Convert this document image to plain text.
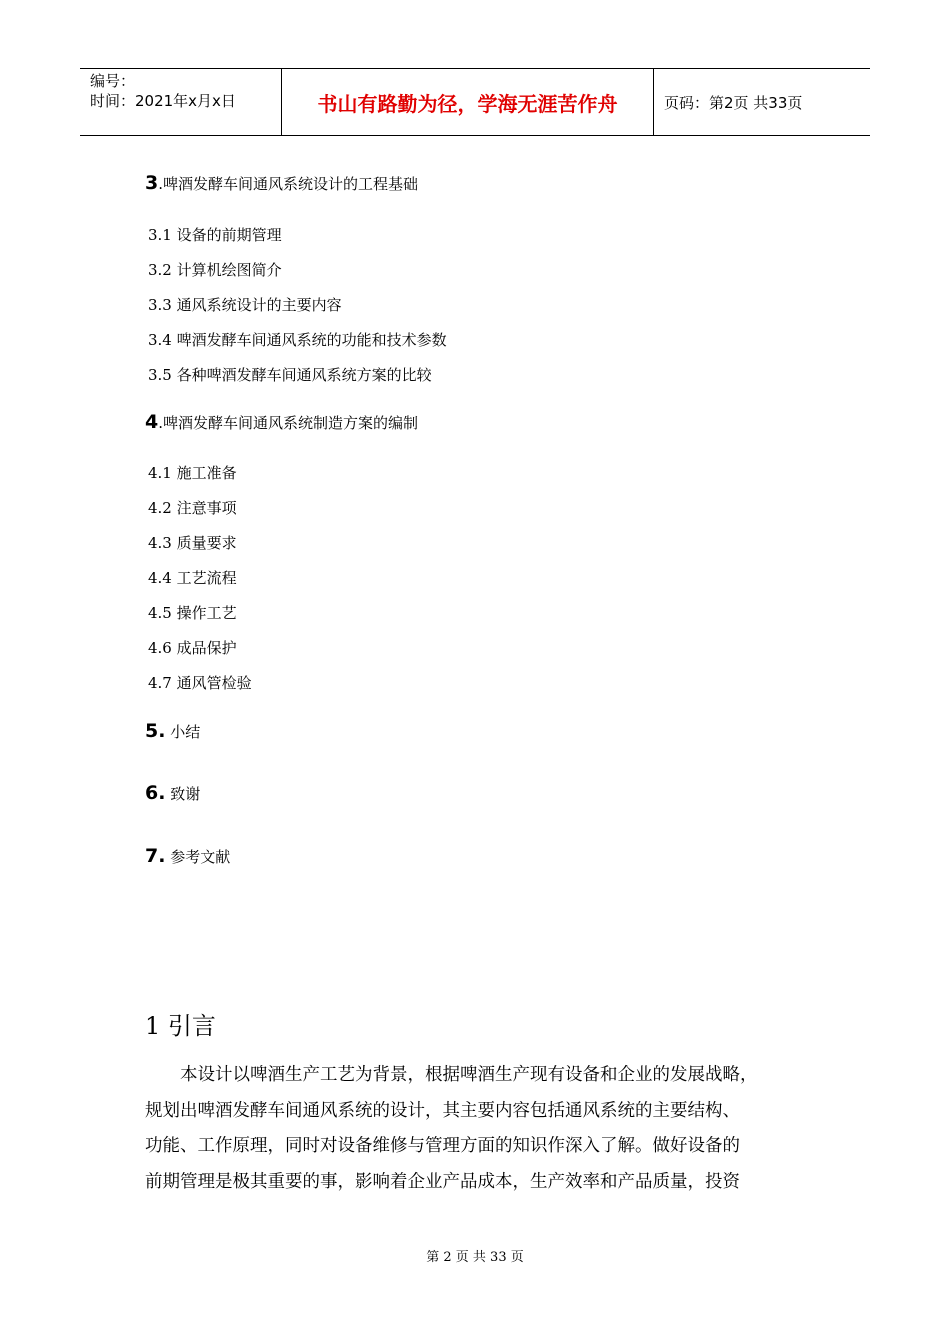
编号：
时间：2021年x月x日	书山有路勤为径，学海无涯苦作舟	页码：第2页 共33页
3.啤酒发酵车间通风系统设计的工程基础
3.1 设备的前期管理
3.2 计算机绘图简介
3.3 通风系统设计的主要内容
3.4 啤酒发酵车间通风系统的功能和技术参数
3.5 各种啤酒发酵车间通风系统方案的比较
4.啤酒发酵车间通风系统制造方案的编制
4.1 施工准备
4.2 注意事项
4.3 质量要求
4.4 工艺流程
4.5 操作工艺
4.6 成品保护
4.7 通风管检验
5. 小结
6. 致谢
7. 参考文献
1 引言

本设计以啤酒生产工艺为背景，根据啤酒生产现有设备和企业的发展战略，
规划出啤酒发酵车间通风系统的设计，其主要内容包括通风系统的主要结构、
功能、工作原理，同时对设备维修与管理方面的知识作深入了解。做好设备的
前期管理是极其重要的事，影响着企业产品成本，生产效率和产品质量，投资

第 2 页 共 33 页
